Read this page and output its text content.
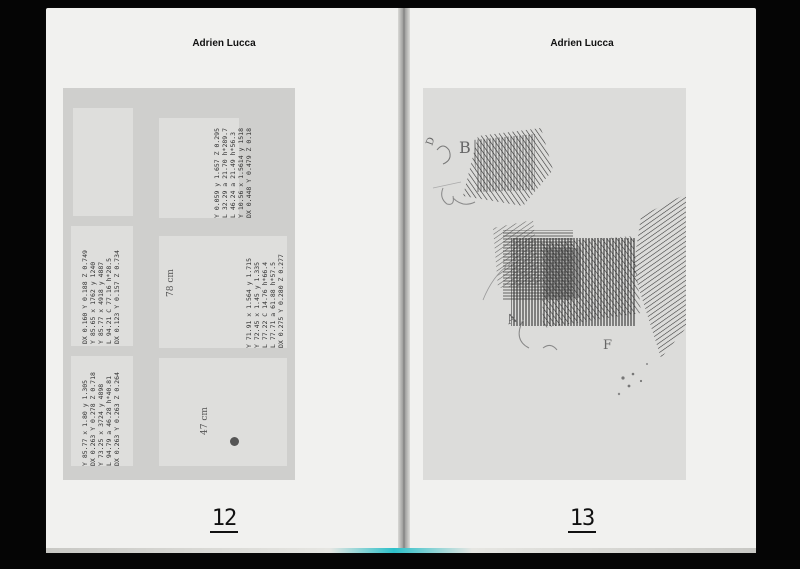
Adrien Lucca
12
Adrien Lucca
13
Y 0.059 y 1.657 Z 0.295
L 32.29 a 21.70 h*289.7
L 46.24 a 21.49 h*56.3
Y 10.56 x 1.5614 y 1518
DX 0.448 Y 0.479 Z 0.18
DX 0.160 Y 0.188 Z 0.749
Y 85.65 x 1762 y 1240
Y 85.77 x 4918 y 4887
L 94.21 C 77.16 h*28.5
DX 0.123 Y 0.157 Z 0.734
Y 71.91 x 1.564 y 1.715
Y 72.45 x 1.45 y 1.335
L 77.22 C 14.76 h*66.4
L 77.71 a 61.88 h*57.5
DX 0.275 Y 0.280 Z 0.277
Y 85.77 x 1.80 y 1.305
DX 0.263 Y 0.278 Z 0.718
Y 73.25 x 3724 y 4898
L 94.79 a 46.28 h*40.81
DX 0.263 Y 0.263 Z 0.264
78 cm
47 cm
B
A
F
D
